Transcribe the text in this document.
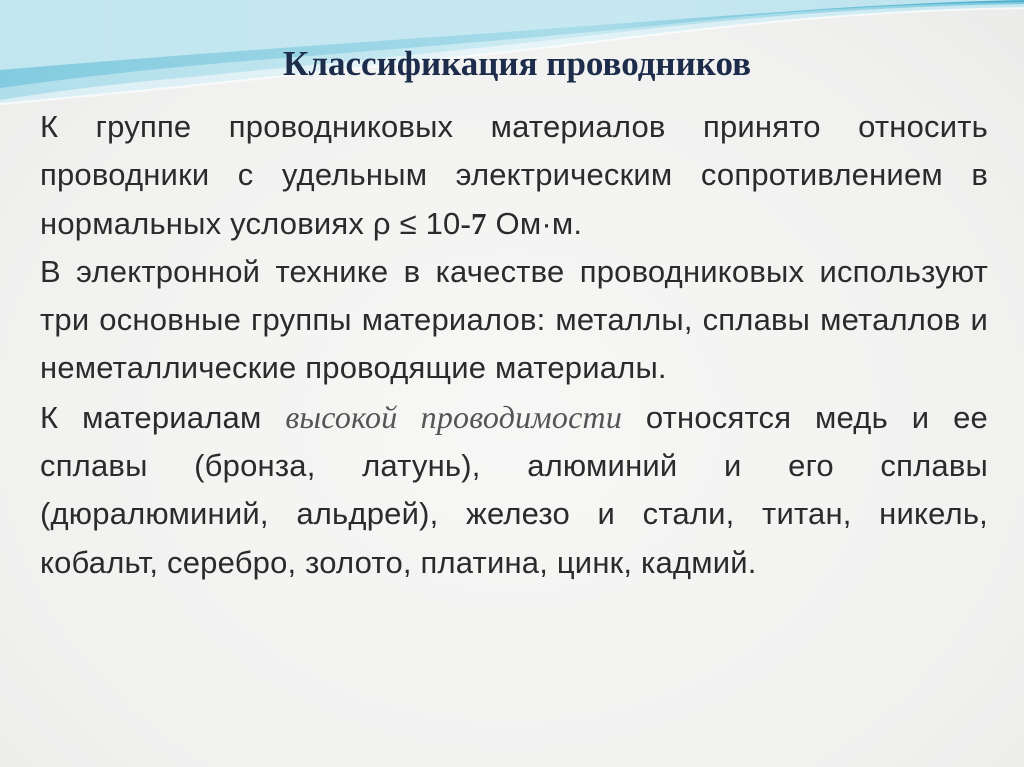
Классификация проводников

К группе проводниковых материалов принято относить проводники с удельным электрическим сопротивлением в нормальных условиях ρ ≤ 10-7 Ом·м.

В электронной технике в качестве проводниковых используют три основные группы материалов: металлы, сплавы металлов и неметаллические проводящие материалы.

К материалам высокой проводимости относятся медь и ее сплавы (бронза, латунь), алюминий и его сплавы (дюралюминий, альдрей), железо и стали, титан, никель, кобальт, серебро, золото, платина, цинк, кадмий.
